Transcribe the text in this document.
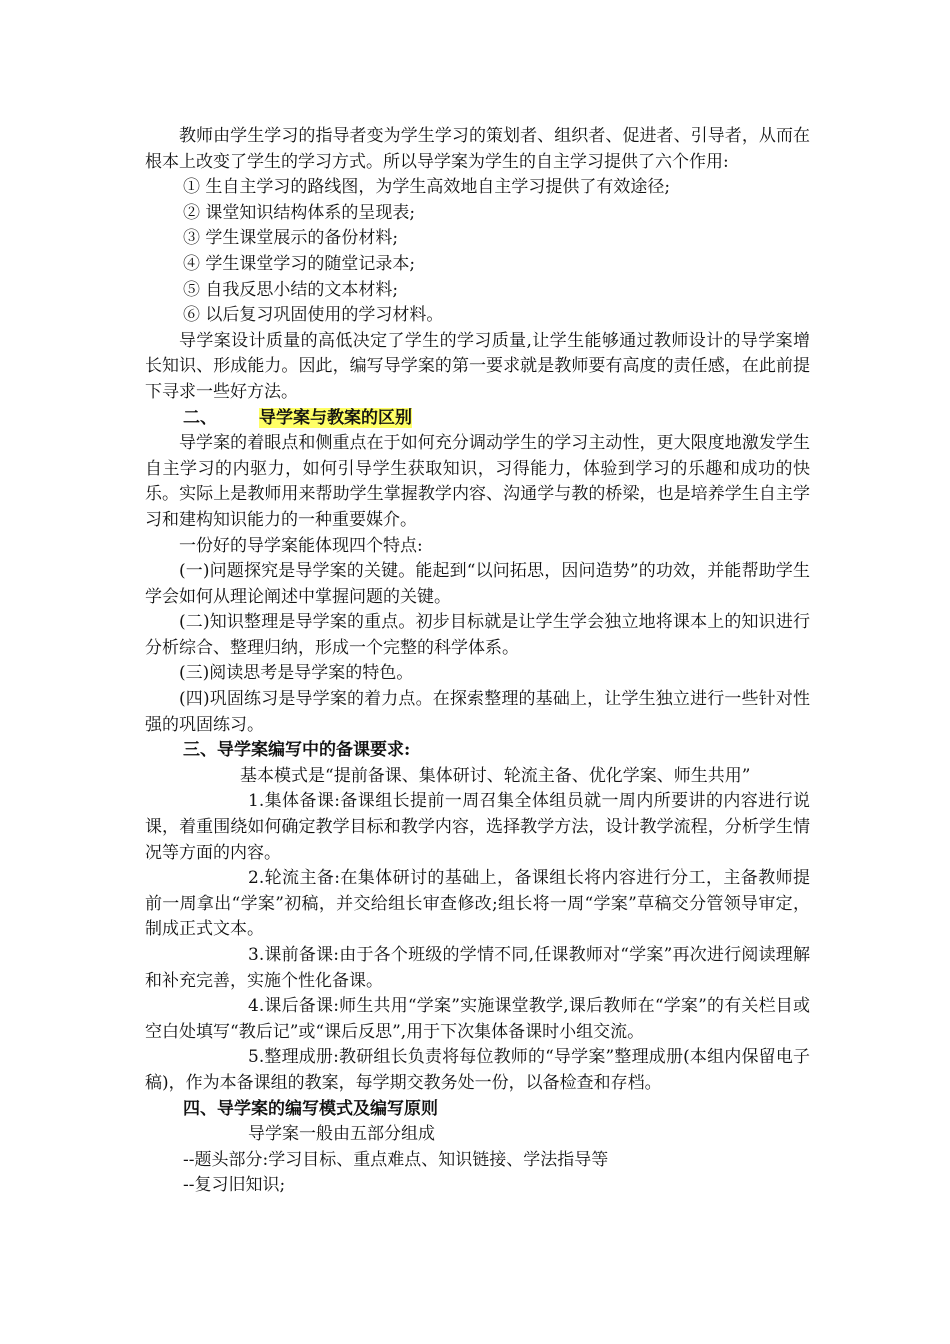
教师由学生学习的指导者变为学生学习的策划者、组织者、促进者、引导者，从而在根本上改变了学生的学习方式。所以导学案为学生的自主学习提供了六个作用:

① 生自主学习的路线图，为学生高效地自主学习提供了有效途径;

② 课堂知识结构体系的呈现表;

③ 学生课堂展示的备份材料;

④ 学生课堂学习的随堂记录本;

⑤ 自我反思小结的文本材料;

⑥ 以后复习巩固使用的学习材料。

导学案设计质量的高低决定了学生的学习质量,让学生能够通过教师设计的导学案增长知识、形成能力。因此，编写导学案的第一要求就是教师要有高度的责任感，在此前提下寻求一些好方法。

二、 导学案与教案的区别

导学案的着眼点和侧重点在于如何充分调动学生的学习主动性，更大限度地激发学生自主学习的内驱力，如何引导学生获取知识，习得能力，体验到学习的乐趣和成功的快乐。实际上是教师用来帮助学生掌握教学内容、沟通学与教的桥梁，也是培养学生自主学习和建构知识能力的一种重要媒介。

一份好的导学案能体现四个特点:

(一)问题探究是导学案的关键。能起到“以问拓思，因问造势”的功效，并能帮助学生学会如何从理论阐述中掌握问题的关键。

(二)知识整理是导学案的重点。初步目标就是让学生学会独立地将课本上的知识进行分析综合、整理归纳，形成一个完整的科学体系。

(三)阅读思考是导学案的特色。

(四)巩固练习是导学案的着力点。在探索整理的基础上，让学生独立进行一些针对性强的巩固练习。

三、导学案编写中的备课要求:

基本模式是“提前备课、集体研讨、轮流主备、优化学案、师生共用”

1.集体备课:备课组长提前一周召集全体组员就一周内所要讲的内容进行说课，着重围绕如何确定教学目标和教学内容，选择教学方法，设计教学流程，分析学生情况等方面的内容。

2.轮流主备:在集体研讨的基础上，备课组长将内容进行分工，主备教师提前一周拿出“学案”初稿，并交给组长审查修改;组长将一周“学案”草稿交分管领导审定，制成正式文本。

3.课前备课:由于各个班级的学情不同,任课教师对“学案”再次进行阅读理解和补充完善，实施个性化备课。

4.课后备课:师生共用“学案”实施课堂教学,课后教师在“学案”的有关栏目或空白处填写“教后记”或“课后反思”,用于下次集体备课时小组交流。

5.整理成册:教研组长负责将每位教师的“导学案”整理成册(本组内保留电子稿)，作为本备课组的教案，每学期交教务处一份，以备检查和存档。

四、导学案的编写模式及编写原则

导学案一般由五部分组成

--题头部分:学习目标、重点难点、知识链接、学法指导等

--复习旧知识;
